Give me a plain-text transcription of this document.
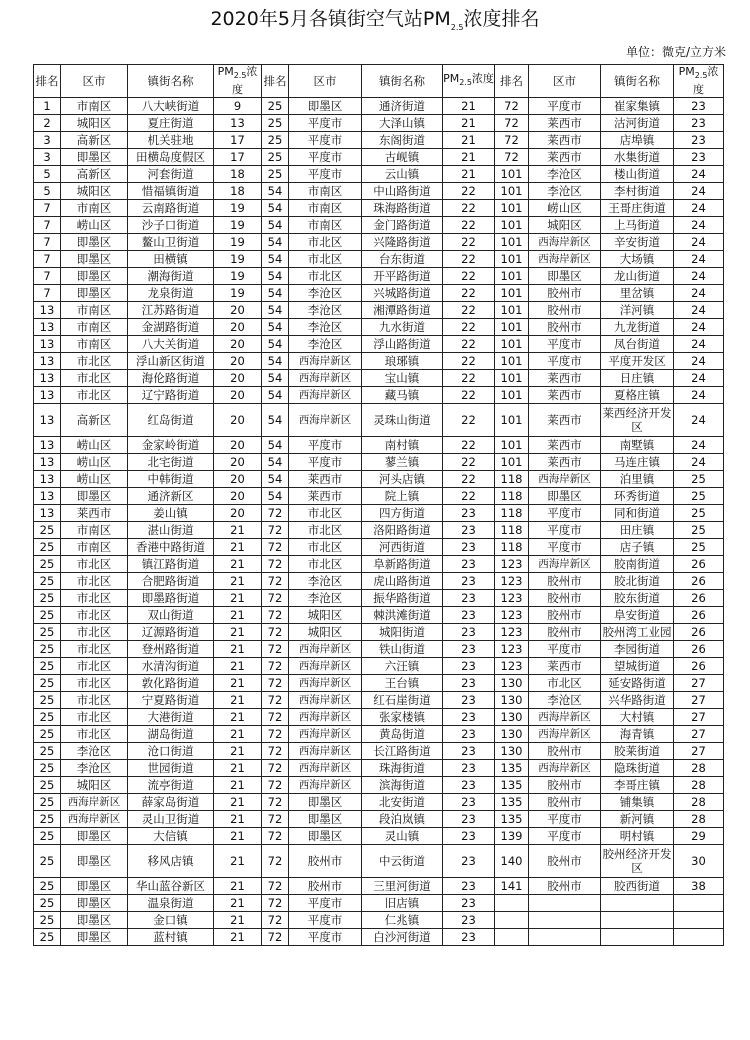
2020年5月各镇街空气站$PM_{2.5}$浓度排名
单位：微克/立方米
排名	区市	镇街名称	$PM_{2.5}$浓度	排名	区市	镇街名称	$PM_{2.5}$浓度	排名	区市	镇街名称	$PM_{2.5}$浓度
1	市南区	八大峡街道	9	25	即墨区	通济街道	21	72	平度市	崔家集镇	23
2	城阳区	夏庄街道	13	25	平度市	大泽山镇	21	72	莱西市	沽河街道	23
3	高新区	机关驻地	17	25	平度市	东阁街道	21	72	莱西市	店埠镇	23
3	即墨区	田横岛度假区	17	25	平度市	古岘镇	21	72	莱西市	水集街道	23
5	高新区	河套街道	18	25	平度市	云山镇	21	101	李沧区	楼山街道	24
5	城阳区	惜福镇街道	18	54	市南区	中山路街道	22	101	李沧区	李村街道	24
7	市南区	云南路街道	19	54	市南区	珠海路街道	22	101	崂山区	王哥庄街道	24
7	崂山区	沙子口街道	19	54	市南区	金门路街道	22	101	城阳区	上马街道	24
7	即墨区	鳌山卫街道	19	54	市北区	兴隆路街道	22	101	西海岸新区	辛安街道	24
7	即墨区	田横镇	19	54	市北区	台东街道	22	101	西海岸新区	大场镇	24
7	即墨区	潮海街道	19	54	市北区	开平路街道	22	101	即墨区	龙山街道	24
7	即墨区	龙泉街道	19	54	李沧区	兴城路街道	22	101	胶州市	里岔镇	24
13	市南区	江苏路街道	20	54	李沧区	湘潭路街道	22	101	胶州市	洋河镇	24
13	市南区	金湖路街道	20	54	李沧区	九水街道	22	101	胶州市	九龙街道	24
13	市南区	八大关街道	20	54	李沧区	浮山路街道	22	101	平度市	凤台街道	24
13	市北区	浮山新区街道	20	54	西海岸新区	琅琊镇	22	101	平度市	平度开发区	24
13	市北区	海伦路街道	20	54	西海岸新区	宝山镇	22	101	莱西市	日庄镇	24
13	市北区	辽宁路街道	20	54	西海岸新区	藏马镇	22	101	莱西市	夏格庄镇	24
13	高新区	红岛街道	20	54	西海岸新区	灵珠山街道	22	101	莱西市	莱西经济开发区	24
13	崂山区	金家岭街道	20	54	平度市	南村镇	22	101	莱西市	南墅镇	24
13	崂山区	北宅街道	20	54	平度市	蓼兰镇	22	101	莱西市	马连庄镇	24
13	崂山区	中韩街道	20	54	莱西市	河头店镇	22	118	西海岸新区	泊里镇	25
13	即墨区	通济新区	20	54	莱西市	院上镇	22	118	即墨区	环秀街道	25
13	莱西市	姜山镇	20	72	市北区	四方街道	23	118	平度市	同和街道	25
25	市南区	湛山街道	21	72	市北区	洛阳路街道	23	118	平度市	田庄镇	25
25	市南区	香港中路街道	21	72	市北区	河西街道	23	118	平度市	店子镇	25
25	市北区	镇江路街道	21	72	市北区	阜新路街道	23	123	西海岸新区	胶南街道	26
25	市北区	合肥路街道	21	72	李沧区	虎山路街道	23	123	胶州市	胶北街道	26
25	市北区	即墨路街道	21	72	李沧区	振华路街道	23	123	胶州市	胶东街道	26
25	市北区	双山街道	21	72	城阳区	棘洪滩街道	23	123	胶州市	阜安街道	26
25	市北区	辽源路街道	21	72	城阳区	城阳街道	23	123	胶州市	胶州湾工业园	26
25	市北区	登州路街道	21	72	西海岸新区	铁山街道	23	123	平度市	李园街道	26
25	市北区	水清沟街道	21	72	西海岸新区	六汪镇	23	123	莱西市	望城街道	26
25	市北区	敦化路街道	21	72	西海岸新区	王台镇	23	130	市北区	延安路街道	27
25	市北区	宁夏路街道	21	72	西海岸新区	红石崖街道	23	130	李沧区	兴华路街道	27
25	市北区	大港街道	21	72	西海岸新区	张家楼镇	23	130	西海岸新区	大村镇	27
25	市北区	湖岛街道	21	72	西海岸新区	黄岛街道	23	130	西海岸新区	海青镇	27
25	李沧区	沧口街道	21	72	西海岸新区	长江路街道	23	130	胶州市	胶莱街道	27
25	李沧区	世园街道	21	72	西海岸新区	珠海街道	23	135	西海岸新区	隐珠街道	28
25	城阳区	流亭街道	21	72	西海岸新区	滨海街道	23	135	胶州市	李哥庄镇	28
25	西海岸新区	薛家岛街道	21	72	即墨区	北安街道	23	135	胶州市	铺集镇	28
25	西海岸新区	灵山卫街道	21	72	即墨区	段泊岚镇	23	135	平度市	新河镇	28
25	即墨区	大信镇	21	72	即墨区	灵山镇	23	139	平度市	明村镇	29
25	即墨区	移风店镇	21	72	胶州市	中云街道	23	140	胶州市	胶州经济开发区	30
25	即墨区	华山蓝谷新区	21	72	胶州市	三里河街道	23	141	胶州市	胶西街道	38
25	即墨区	温泉街道	21	72	平度市	旧店镇	23				
25	即墨区	金口镇	21	72	平度市	仁兆镇	23				
25	即墨区	蓝村镇	21	72	平度市	白沙河街道	23				
